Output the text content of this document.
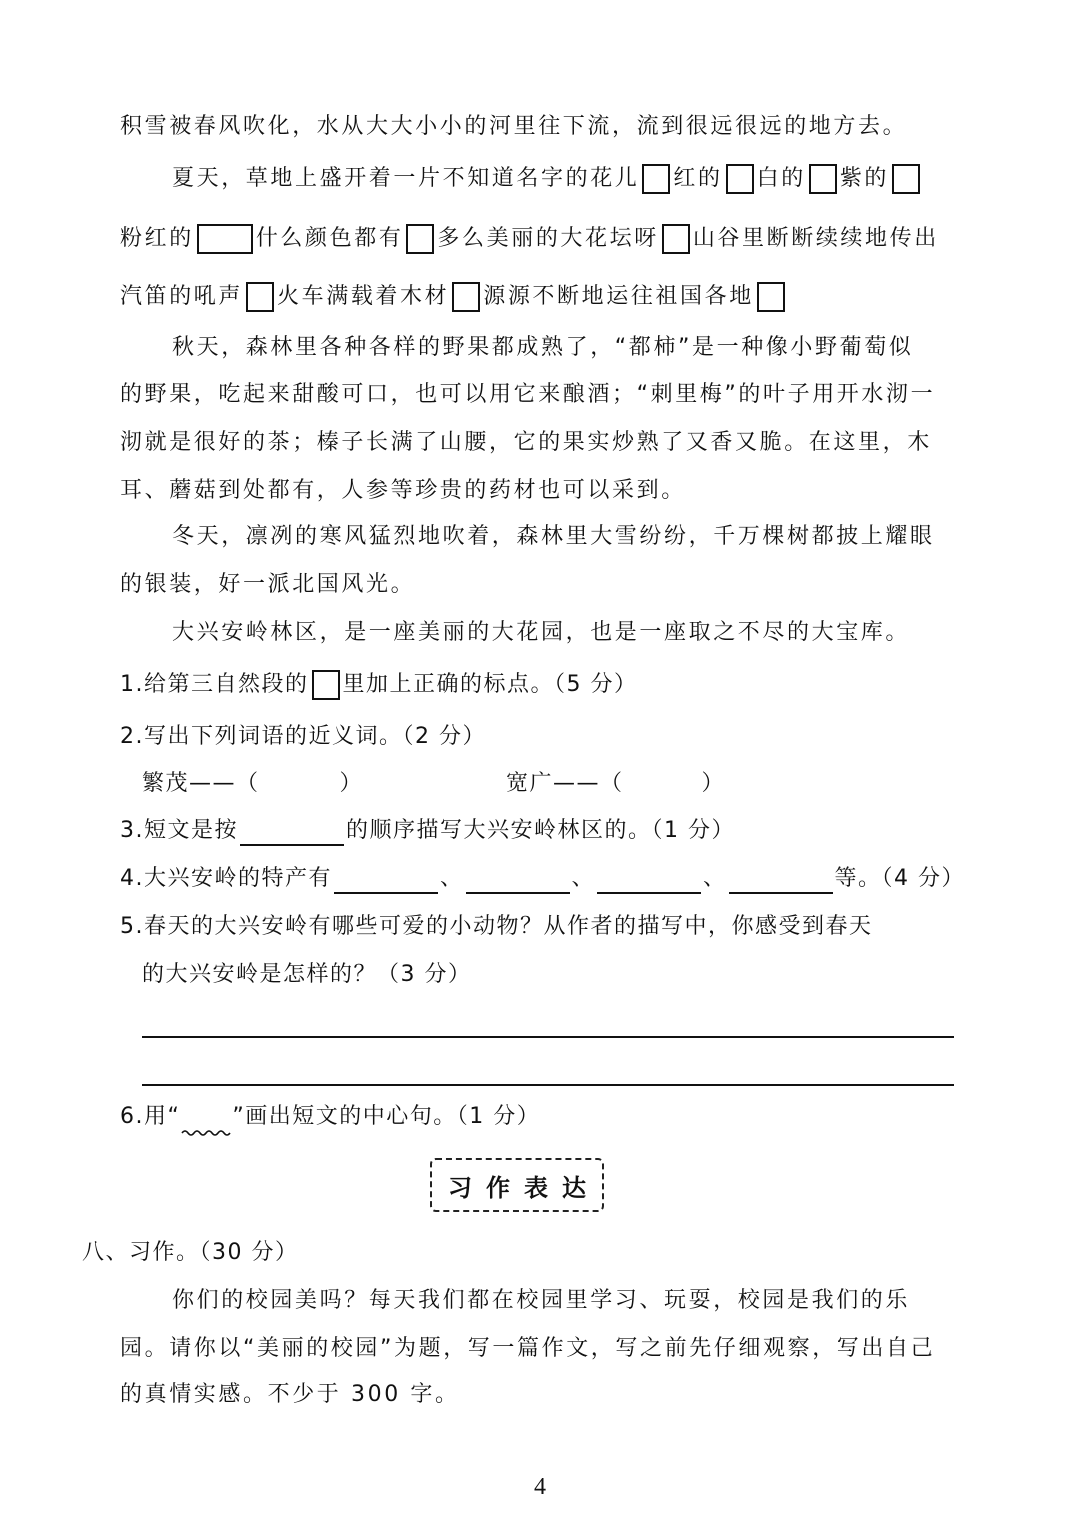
积雪被春风吹化，水从大大小小的河里往下流，流到很远很远的地方去。
夏天，草地上盛开着一片不知道名字的花儿 红的 白的 紫的
粉红的	什么颜色都有 多么美丽的大花坛呀 山谷里断断续续地传出
汽笛的吼声 火车满载着木材 源源不断地运往祖国各地
秋天，森林里各种各样的野果都成熟了，“都柿”是一种像小野葡萄似
的野果，吃起来甜酸可口，也可以用它来酿酒；“刺里梅”的叶子用开水沏一
沏就是很好的茶；榛子长满了山腰，它的果实炒熟了又香又脆。在这里，木
耳、蘑菇到处都有，人参等珍贵的药材也可以采到。
冬天，凛冽的寒风猛烈地吹着，森林里大雪纷纷，千万棵树都披上耀眼
的银装，好一派北国风光。
大兴安岭林区，是一座美丽的大花园，也是一座取之不尽的大宝库。
1.给第三自然段的 里加上正确的标点。（5 分）
2.写出下列词语的近义词。（2 分）
繁茂——（	）	宽广——（	）
3.短文是按	的顺序描写大兴安岭林区的。（1 分）
4.大兴安岭的特产有	、	、	、	等。（4 分）
5.春天的大兴安岭有哪些可爱的小动物？从作者的描写中，你感受到春天
的大兴安岭是怎样的？（3 分）
6.用“ ”画出短文的中心句。（1 分）
习作表达
八、习作。（30 分）
你们的校园美吗？每天我们都在校园里学习、玩耍，校园是我们的乐
园。请你以“美丽的校园”为题，写一篇作文，写之前先仔细观察，写出自己
的真情实感。不少于 300 字。
4
